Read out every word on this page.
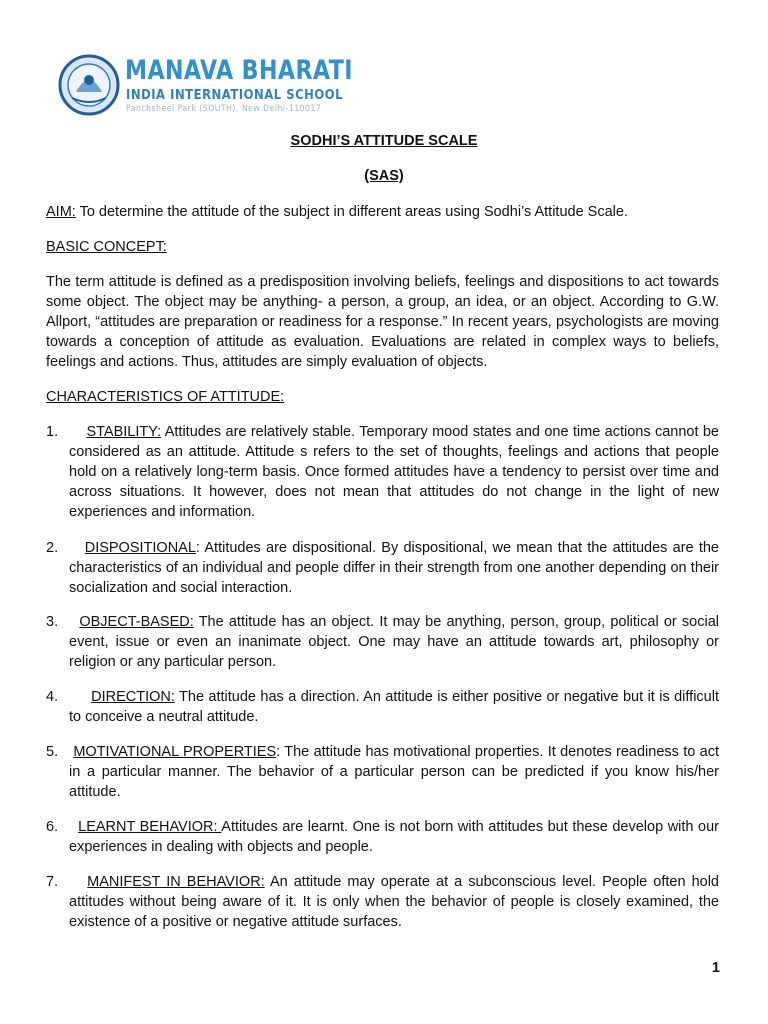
MANAVA BHARATI
INDIA INTERNATIONAL SCHOOL
Panchsheel Park (SOUTH), New Delhi-110017
SODHI’S ATTITUDE SCALE
(SAS)

AIM: To determine the attitude of the subject in different areas using Sodhi’s Attitude Scale.

BASIC CONCEPT:

The term attitude is defined as a predisposition involving beliefs, feelings and dispositions to act towards some object. The object may be anything- a person, a group, an idea, or an object. According to G.W. Allport, “attitudes are preparation or readiness for a response.” In recent years, psychologists are moving towards a conception of attitude as evaluation. Evaluations are related in complex ways to beliefs, feelings and actions. Thus, attitudes are simply evaluation of objects.

CHARACTERISTICS OF ATTITUDE:

1.	STABILITY: Attitudes are relatively stable. Temporary mood states and one time actions cannot be considered as an attitude. Attitude s refers to the set of thoughts, feelings and actions that people hold on a relatively long-term basis. Once formed attitudes have a tendency to persist over time and across situations. It however, does not mean that attitudes do not change in the light of new experiences and information.
2.	DISPOSITIONAL: Attitudes are dispositional. By dispositional, we mean that the attitudes are the characteristics of an individual and people differ in their strength from one another depending on their socialization and social interaction.
3.	OBJECT-BASED: The attitude has an object. It may be anything, person, group, political or social event, issue or even an inanimate object. One may have an attitude towards art, philosophy or religion or any particular person.
4.	DIRECTION: The attitude has a direction. An attitude is either positive or negative but it is difficult to conceive a neutral attitude.
5. MOTIVATIONAL PROPERTIES: The attitude has motivational properties. It denotes readiness to act in a particular manner. The behavior of a particular person can be predicted if you know his/her attitude.
6.	LEARNT BEHAVIOR: Attitudes are learnt. One is not born with attitudes but these develop with our experiences in dealing with objects and people.
7.	MANIFEST IN BEHAVIOR: An attitude may operate at a subconscious level. People often hold attitudes without being aware of it. It is only when the behavior of people is closely examined, the existence of a positive or negative attitude surfaces.
1
